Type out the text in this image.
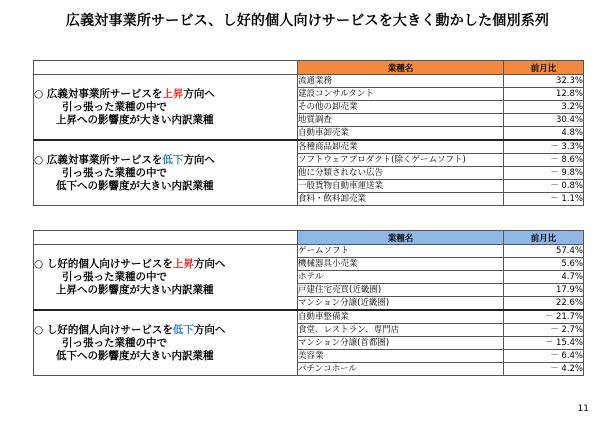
広義対事業所サービス、し好的個人向けサービスを大きく動かした個別系列
	業種名	前月比

○ 広義対事業所サービスを上昇方向へ
引っ張った業種の中で
上昇への影響度が大きい内訳業種	流通業務	32.3%
	建設コンサルタント	12.8%
	その他の卸売業	3.2%
	地質調査	30.4%
	自動車卸売業	4.8%

○ 広義対事業所サービスを低下方向へ
引っ張った業種の中で
低下への影響度が大きい内訳業種	各種商品卸売業	－ 3.3%
	ソフトウェアプロダクト(除くゲームソフト)	－ 8.6%
	他に分類されない広告	－ 9.8%
	一般貨物自動車運送業	－ 0.8%
	食料・飲料卸売業	－ 1.1%
	業種名	前月比

○ し好的個人向けサービスを上昇方向へ
引っ張った業種の中で
上昇への影響度が大きい内訳業種	ゲームソフト	57.4%
	機械器具小売業	5.6%
	ホテル	4.7%
	戸建住宅売買(近畿圏)	17.9%
	マンション分譲(近畿圏)	22.6%

○ し好的個人向けサービスを低下方向へ
引っ張った業種の中で
低下への影響度が大きい内訳業種	自動車整備業	－ 21.7%
	食堂、レストラン、専門店	－ 2.7%
	マンション分譲(首都圏)	－ 15.4%
	美容業	－ 6.4%
	パチンコホール	－ 4.2%
11
